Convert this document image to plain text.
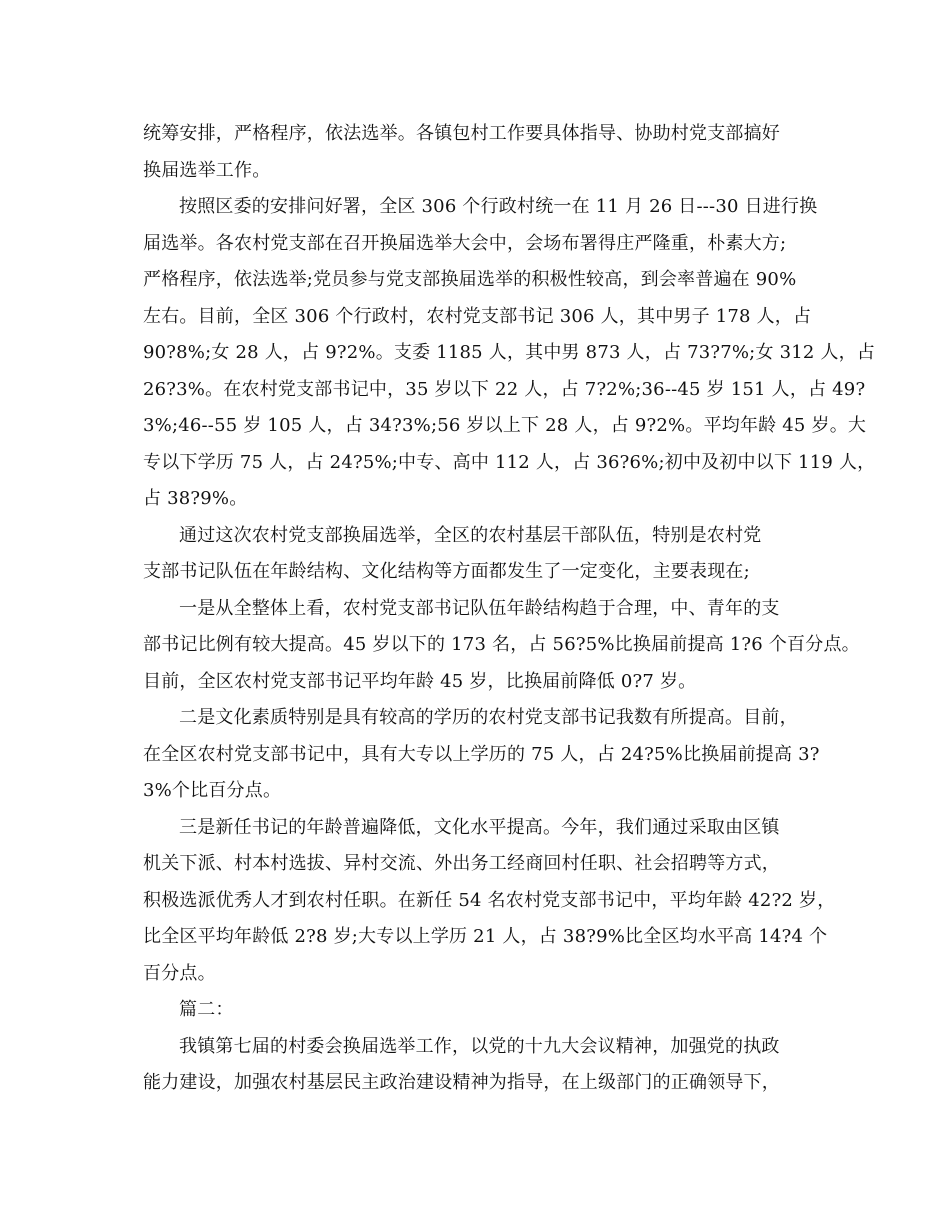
统筹安排，严格程序，依法选举。各镇包村工作要具体指导、协助村党支部搞好
换届选举工作。
按照区委的安排问好署，全区 306 个行政村统一在 11 月 26 日---30 日进行换
届选举。各农村党支部在召开换届选举大会中，会场布署得庄严隆重，朴素大方;
严格程序，依法选举;党员参与党支部换届选举的积极性较高，到会率普遍在 90%
左右。目前，全区 306 个行政村，农村党支部书记 306 人，其中男子 178 人，占
90?8%;女 28 人，占 9?2%。支委 1185 人，其中男 873 人，占 73?7%;女 312 人，占
26?3%。在农村党支部书记中，35 岁以下 22 人，占 7?2%;36--45 岁 151 人，占 49?
3%;46--55 岁 105 人，占 34?3%;56 岁以上下 28 人，占 9?2%。平均年龄 45 岁。大
专以下学历 75 人，占 24?5%;中专、高中 112 人，占 36?6%;初中及初中以下 119 人，
占 38?9%。
通过这次农村党支部换届选举，全区的农村基层干部队伍，特别是农村党
支部书记队伍在年龄结构、文化结构等方面都发生了一定变化，主要表现在;
一是从全整体上看，农村党支部书记队伍年龄结构趋于合理，中、青年的支
部书记比例有较大提高。45 岁以下的 173 名，占 56?5%比换届前提高 1?6 个百分点。
目前，全区农村党支部书记平均年龄 45 岁，比换届前降低 0?7 岁。
二是文化素质特别是具有较高的学历的农村党支部书记我数有所提高。目前，
在全区农村党支部书记中，具有大专以上学历的 75 人，占 24?5%比换届前提高 3?
3%个比百分点。
三是新任书记的年龄普遍降低，文化水平提高。今年，我们通过采取由区镇
机关下派、村本村选拔、异村交流、外出务工经商回村任职、社会招聘等方式，
积极选派优秀人才到农村任职。在新任 54 名农村党支部书记中，平均年龄 42?2 岁，
比全区平均年龄低 2?8 岁;大专以上学历 21 人，占 38?9%比全区均水平高 14?4 个
百分点。
篇二：
我镇第七届的村委会换届选举工作，以党的十九大会议精神，加强党的执政
能力建设，加强农村基层民主政治建设精神为指导，在上级部门的正确领导下，
